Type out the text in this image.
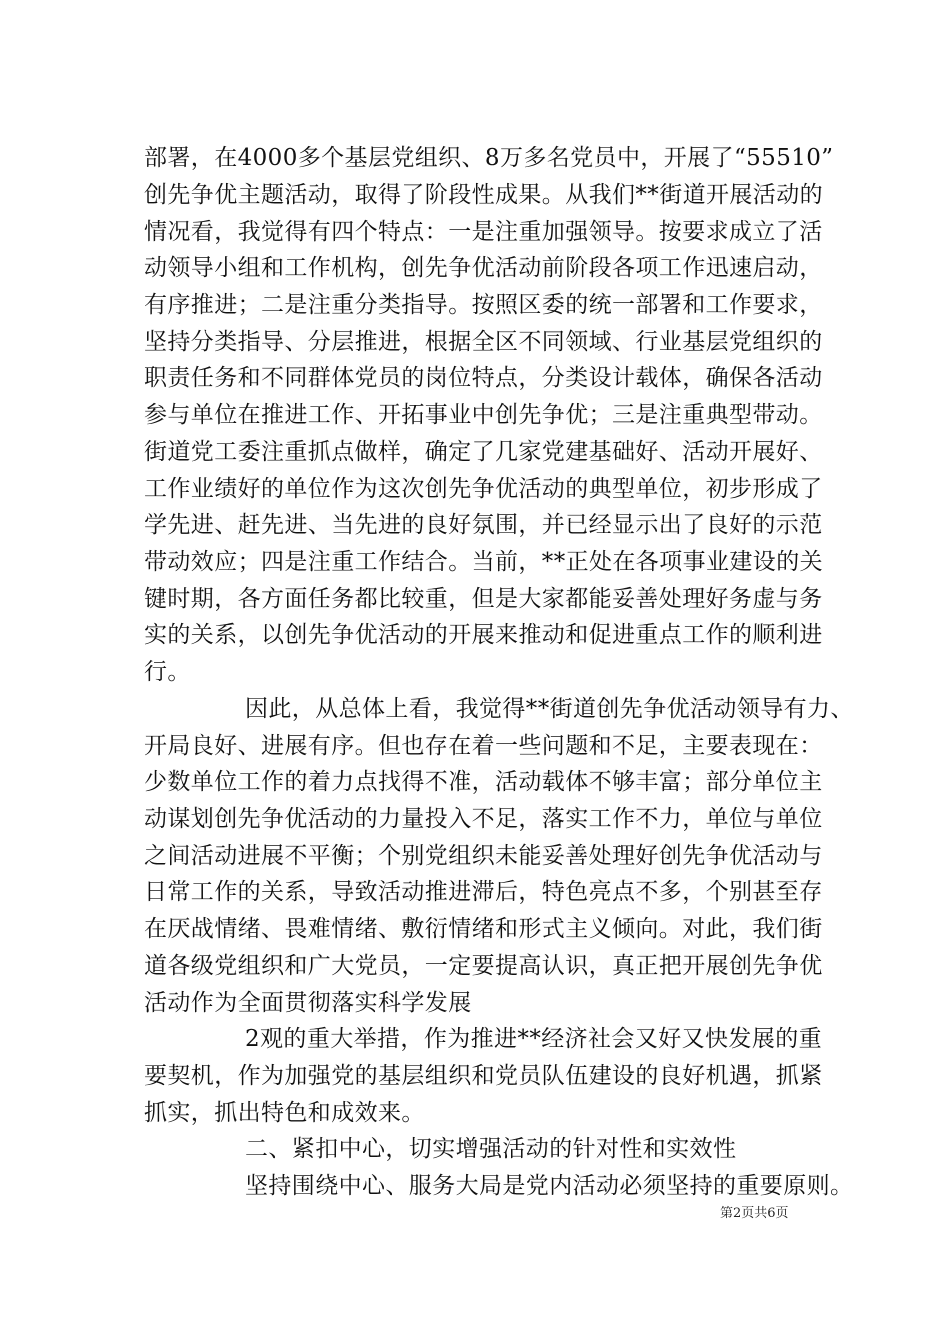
部署，在4000多个基层党组织、8万多名党员中，开展了“55510”
创先争优主题活动，取得了阶段性成果。从我们**街道开展活动的
情况看，我觉得有四个特点：一是注重加强领导。按要求成立了活
动领导小组和工作机构，创先争优活动前阶段各项工作迅速启动，
有序推进；二是注重分类指导。按照区委的统一部署和工作要求，
坚持分类指导、分层推进，根据全区不同领域、行业基层党组织的
职责任务和不同群体党员的岗位特点，分类设计载体，确保各活动
参与单位在推进工作、开拓事业中创先争优；三是注重典型带动。
街道党工委注重抓点做样，确定了几家党建基础好、活动开展好、
工作业绩好的单位作为这次创先争优活动的典型单位，初步形成了
学先进、赶先进、当先进的良好氛围，并已经显示出了良好的示范
带动效应；四是注重工作结合。当前，**正处在各项事业建设的关
键时期，各方面任务都比较重，但是大家都能妥善处理好务虚与务
实的关系，以创先争优活动的开展来推动和促进重点工作的顺利进
行。
因此，从总体上看，我觉得**街道创先争优活动领导有力、
开局良好、进展有序。但也存在着一些问题和不足，主要表现在：
少数单位工作的着力点找得不准，活动载体不够丰富；部分单位主
动谋划创先争优活动的力量投入不足，落实工作不力，单位与单位
之间活动进展不平衡；个别党组织未能妥善处理好创先争优活动与
日常工作的关系，导致活动推进滞后，特色亮点不多，个别甚至存
在厌战情绪、畏难情绪、敷衍情绪和形式主义倾向。对此，我们街
道各级党组织和广大党员，一定要提高认识，真正把开展创先争优
活动作为全面贯彻落实科学发展
2观的重大举措，作为推进**经济社会又好又快发展的重
要契机，作为加强党的基层组织和党员队伍建设的良好机遇，抓紧
抓实，抓出特色和成效来。
二、紧扣中心，切实增强活动的针对性和实效性
坚持围绕中心、服务大局是党内活动必须坚持的重要原则。
第2页共6页
